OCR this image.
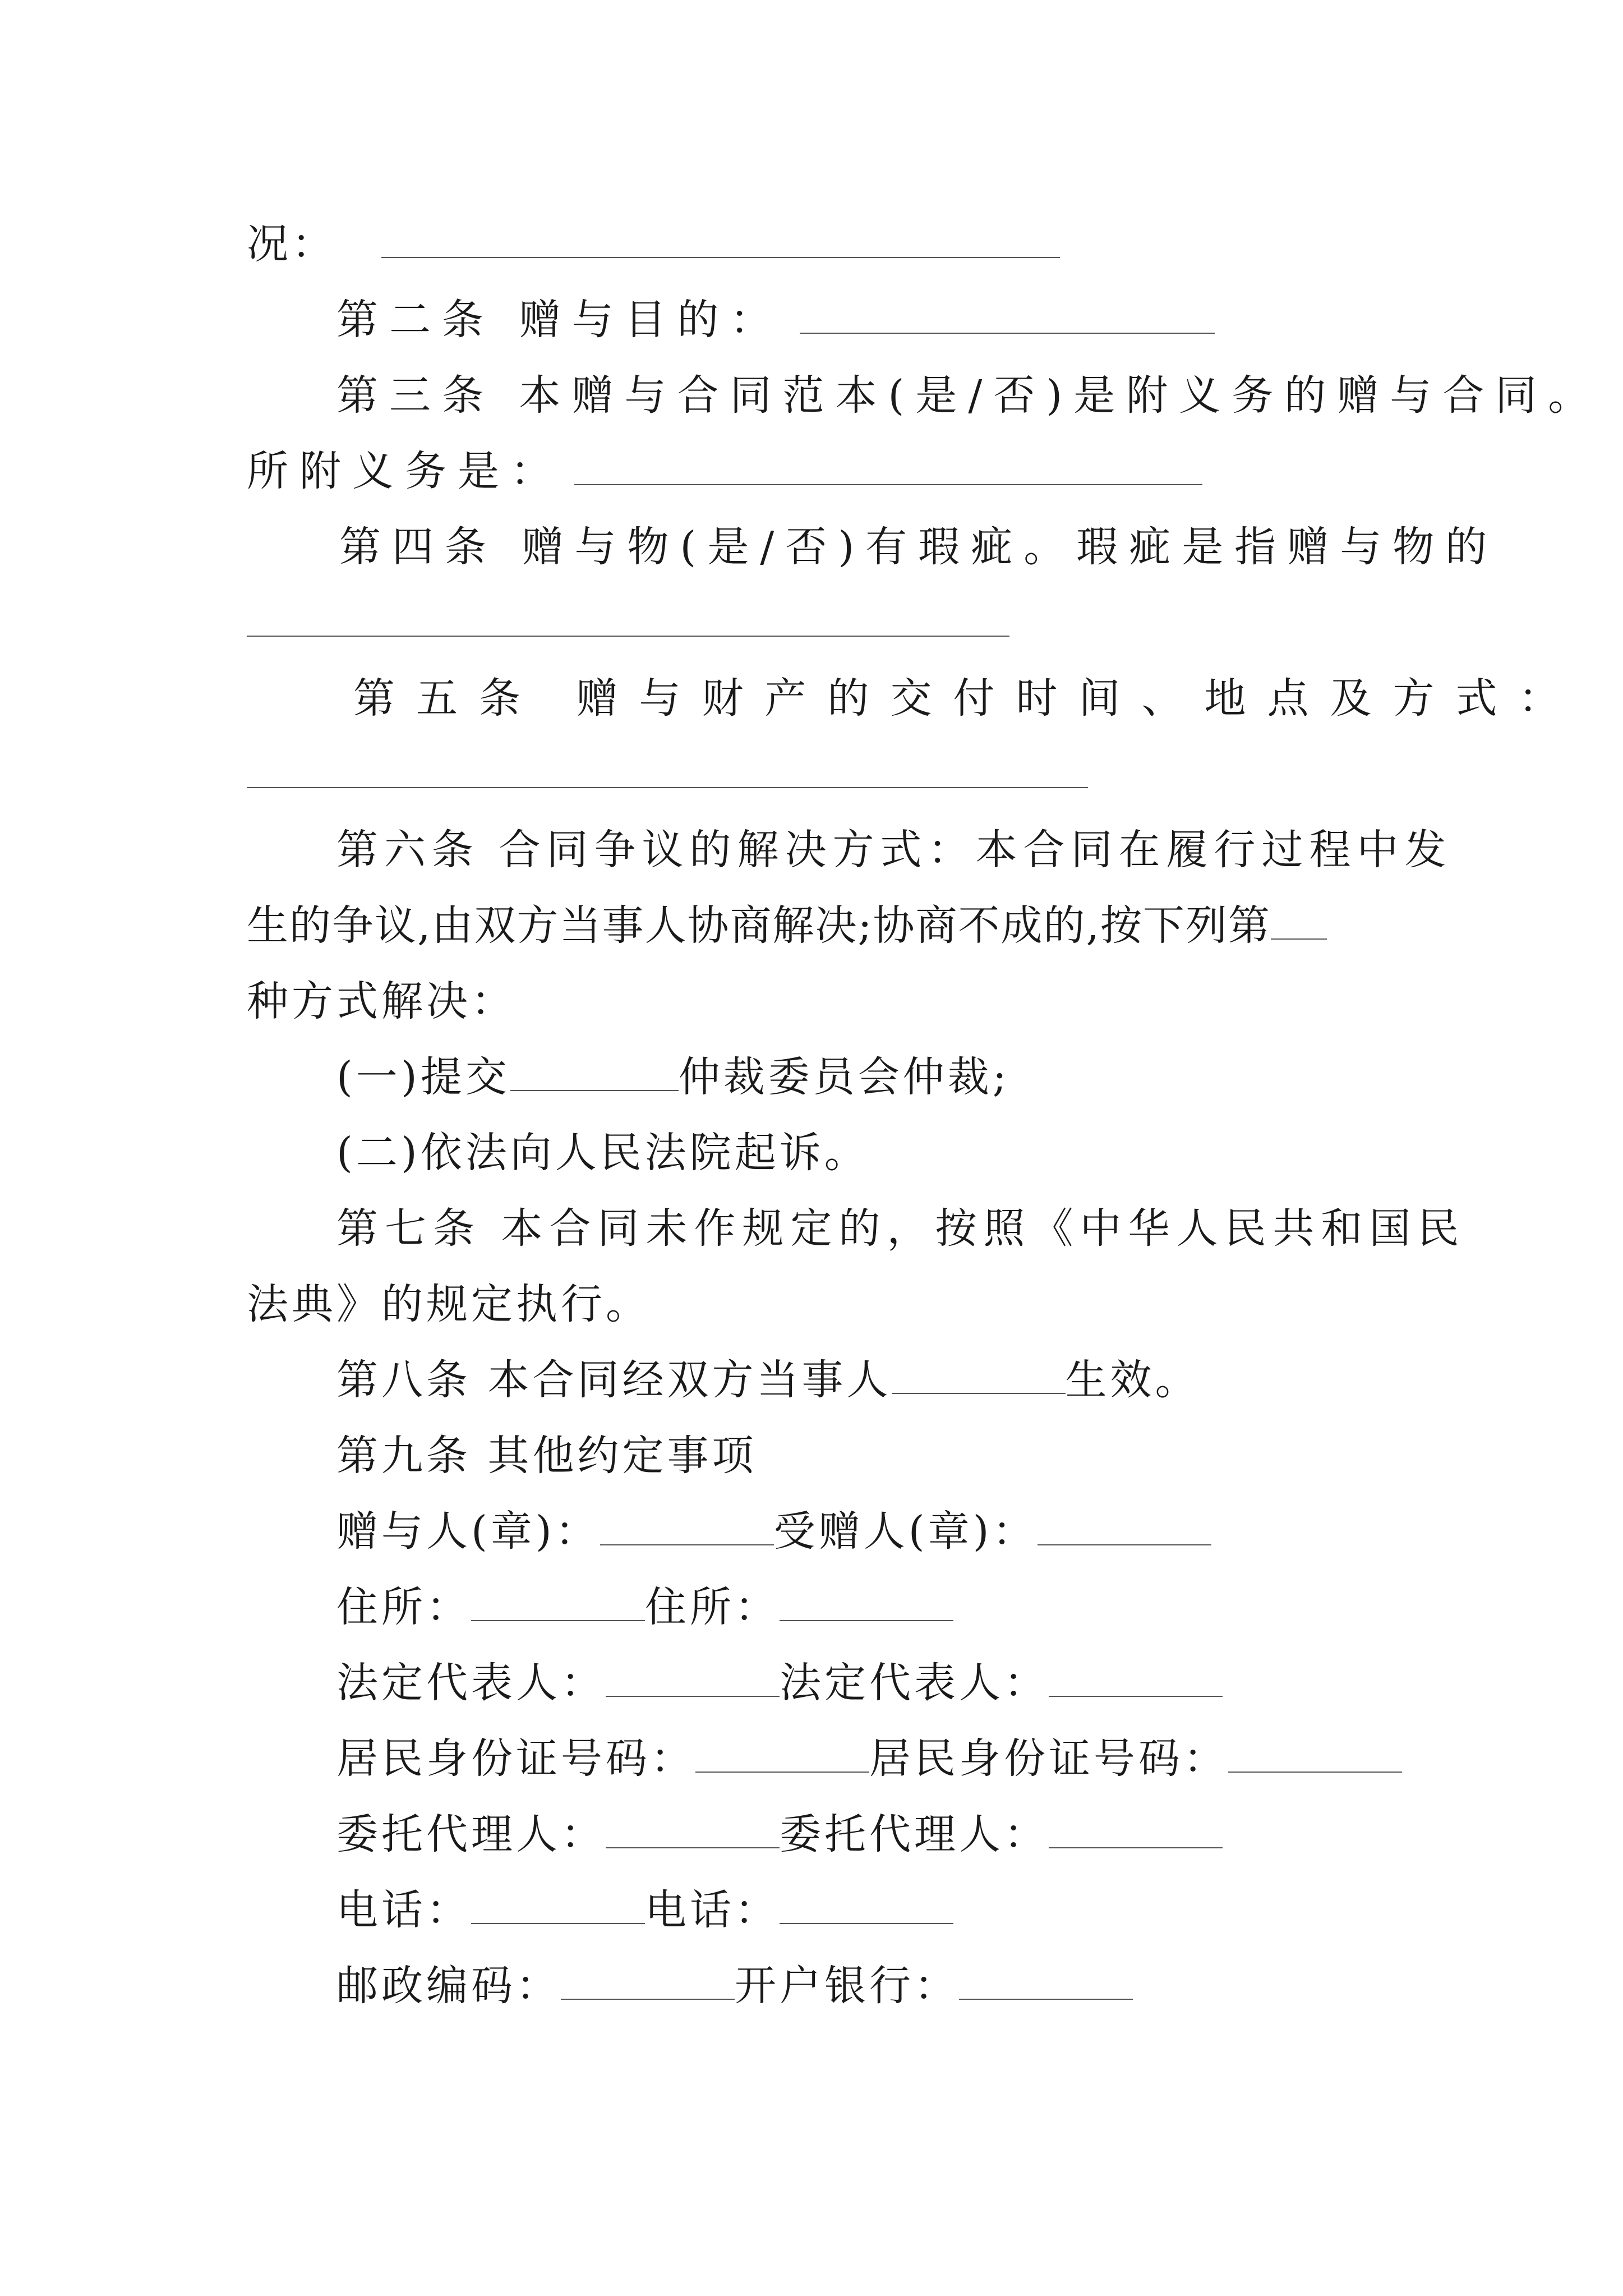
况：
第二条 赠与目的：
第三条 本赠与合同范本(是/否)是附义务的赠与合同。
所附义务是：
第四条 赠与物(是/否)有瑕疵。瑕疵是指赠与物的
第五条 赠与财产的交付时间、地点及方式：
第六条 合同争议的解决方式：本合同在履行过程中发
生的争议,由双方当事人协商解决;协商不成的,按下列第
种方式解决：
(一)提交	仲裁委员会仲裁;
(二)依法向人民法院起诉。
第七条 本合同未作规定的，按照《中华人民共和国民
法典》的规定执行。
第八条 本合同经双方当事人	生效。
第九条 其他约定事项
赠与人(章)：	受赠人(章)：
住所：	住所：
法定代表人：	法定代表人：
居民身份证号码：	居民身份证号码：
委托代理人：	委托代理人：
电话：	电话：
邮政编码：	开户银行：
